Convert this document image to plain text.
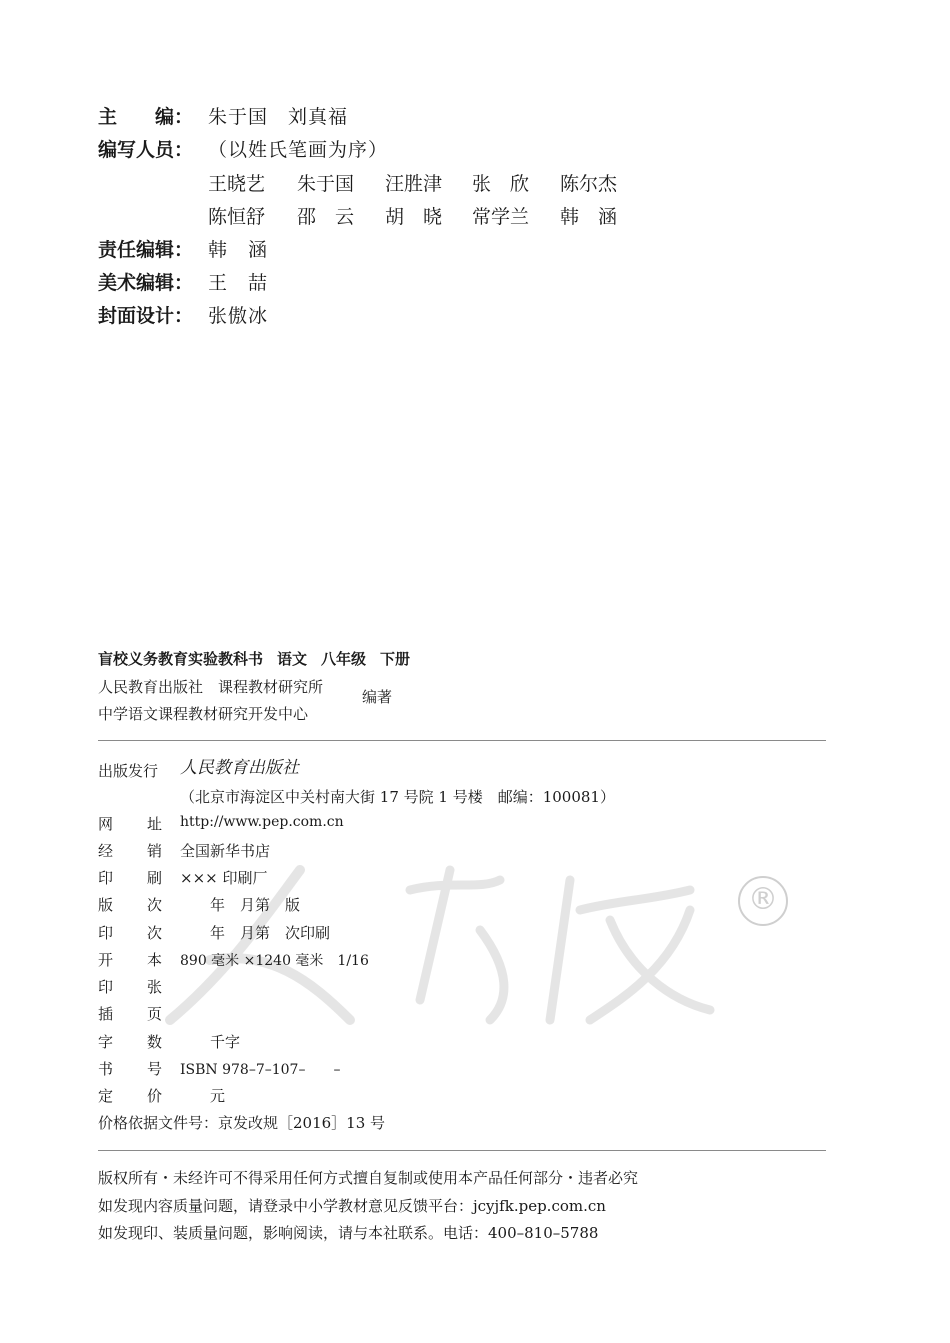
主　　编： 朱于国　刘真福
编写人员： （以姓氏笔画为序）
王晓艺 朱于国 汪胜津 张　欣 陈尔杰
陈恒舒 邵　云 胡　晓 常学兰 韩　涵
责任编辑： 韩　涵
美术编辑： 王　喆
封面设计： 张傲冰
盲校义务教育实验教科书 语文 八年级 下册
人民教育出版社　课程教材研究所
中学语文课程教材研究开发中心
编著
®
出版发行 人民教育出版社
（北京市海淀区中关村南大街 17 号院 1 号楼　邮编：100081）
网 址 http://www.pep.com.cn
经 销 全国新华书店
印 刷 ××× 印刷厂
版 次 　　年　月第　版
印 次 　　年　月第　次印刷
开 本 890 毫米 ×1240 毫米　1/16
印 张
插 页
字 数 　　千字
书 号 ISBN 978–7–107–　　–
定 价 　　元
价格依据文件号：京发改规［2016］13 号
版权所有・未经许可不得采用任何方式擅自复制或使用本产品任何部分・违者必究
如发现内容质量问题，请登录中小学教材意见反馈平台：jcyjfk.pep.com.cn
如发现印、装质量问题，影响阅读，请与本社联系。电话：400–810–5788
